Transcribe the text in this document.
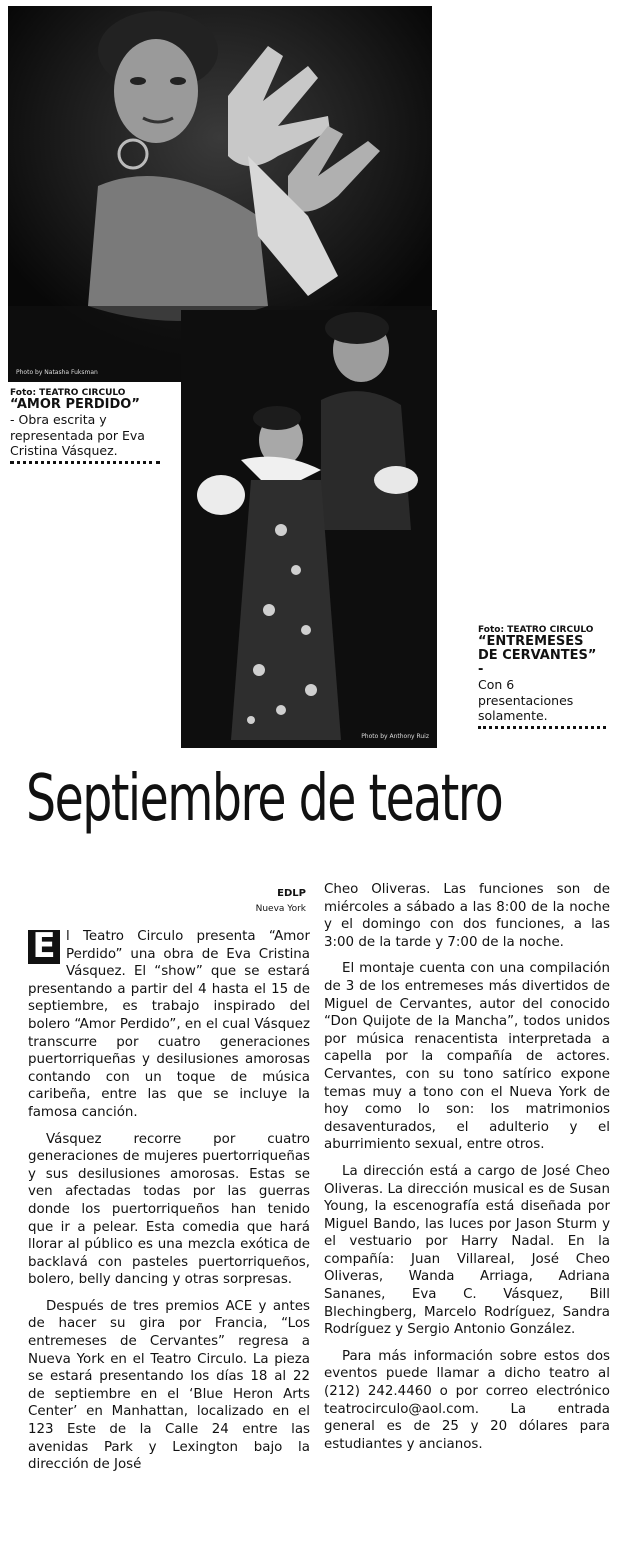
Photo by Natasha Fuksman
Photo by Anthony Ruiz
Foto: TEATRO CIRCULO
“AMOR PERDIDO”
- Obra escrita y representada por Eva Cristina Vásquez.
Foto: TEATRO CIRCULO
“ENTREMESES DE CERVANTES” -
Con 6 presentaciones solamente.
Septiembre de teatro
EDLP
Nueva York

E l Teatro Circulo presenta “Amor Perdido” una obra de Eva Cristina Vásquez. El “show” que se estará presentando a partir del 4 hasta el 15 de septiembre, es trabajo inspirado del bolero “Amor Perdido”, en el cual Vásquez transcurre por cuatro generaciones puertorriqueñas y desilusiones amorosas contando con un toque de música caribeña, entre las que se incluye la famosa canción.

Vásquez recorre por cuatro generaciones de mujeres puertorriqueñas y sus desilusiones amorosas. Estas se ven afectadas todas por las guerras donde los puertorriqueños han tenido que ir a pelear. Esta comedia que hará llorar al público es una mezcla exótica de backlavá con pasteles puertorriqueños, bolero, belly dancing y otras sorpresas.

Después de tres premios ACE y antes de hacer su gira por Francia, “Los entremeses de Cervantes” regresa a Nueva York en el Teatro Circulo. La pieza se estará presentando los días 18 al 22 de septiembre en el ‘Blue Heron Arts Center’ en Manhattan, localizado en el 123 Este de la Calle 24 entre las avenidas Park y Lexington bajo la dirección de José

Cheo Oliveras. Las funciones son de miércoles a sábado a las 8:00 de la noche y el domingo con dos funciones, a las 3:00 de la tarde y 7:00 de la noche.

El montaje cuenta con una compilación de 3 de los entremeses más divertidos de Miguel de Cervantes, autor del conocido “Don Quijote de la Mancha”, todos unidos por música renacentista interpretada a capella por la compañía de actores. Cervantes, con su tono satírico expone temas muy a tono con el Nueva York de hoy como lo son: los matrimonios desaventurados, el adulterio y el aburrimiento sexual, entre otros.

La dirección está a cargo de José Cheo Oliveras. La dirección musical es de Susan Young, la escenografía está diseñada por Miguel Bando, las luces por Jason Sturm y el vestuario por Harry Nadal. En la compañía: Juan Villareal, José Cheo Oliveras, Wanda Arriaga, Adriana Sananes, Eva C. Vásquez, Bill Blechingberg, Marcelo Rodríguez, Sandra Rodríguez y Sergio Antonio González.

Para más información sobre estos dos eventos puede llamar a dicho teatro al (212) 242.4460 o por correo electrónico teatrocirculo@aol.com. La entrada general es de 25 y 20 dólares para estudiantes y ancianos.
